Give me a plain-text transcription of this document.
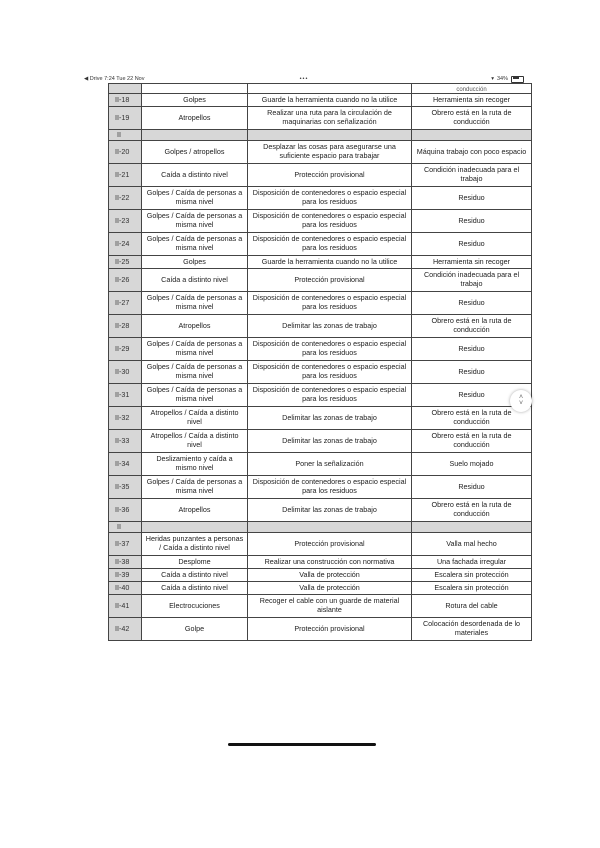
◀ Drive 7:24 Tue 22 Nov	•••	▾ 34%
			conducción
II-18	Golpes	Guarde la herramienta cuando no la utilice	Herramienta sin recoger
II-19	Atropellos	Realizar una ruta para la circulación de maquinarias con señalización	Obrero está en la ruta de conducción
II			
II-20	Golpes / atropellos	Desplazar las cosas para asegurarse una suficiente espacio para trabajar	Máquina trabajo con poco espacio
II-21	Caída a distinto nivel	Protección provisional	Condición inadecuada para el trabajo
II-22	Golpes / Caída de personas a misma nivel	Disposición de contenedores o espacio especial para los residuos	Residuo
II-23	Golpes / Caída de personas a misma nivel	Disposición de contenedores o espacio especial para los residuos	Residuo
II-24	Golpes / Caída de personas a misma nivel	Disposición de contenedores o espacio especial para los residuos	Residuo
II-25	Golpes	Guarde la herramienta cuando no la utilice	Herramienta sin recoger
II-26	Caída a distinto nivel	Protección provisional	Condición inadecuada para el trabajo
II-27	Golpes / Caída de personas a misma nivel	Disposición de contenedores o espacio especial para los residuos	Residuo
II-28	Atropellos	Delimitar las zonas de trabajo	Obrero está en la ruta de conducción
II-29	Golpes / Caída de personas a misma nivel	Disposición de contenedores o espacio especial para los residuos	Residuo
II-30	Golpes / Caída de personas a misma nivel	Disposición de contenedores o espacio especial para los residuos	Residuo
II-31	Golpes / Caída de personas a misma nivel	Disposición de contenedores o espacio especial para los residuos	Residuo
II-32	Atropellos / Caída a distinto nivel	Delimitar las zonas de trabajo	Obrero está en la ruta de conducción
II-33	Atropellos / Caída a distinto nivel	Delimitar las zonas de trabajo	Obrero está en la ruta de conducción
II-34	Deslizamiento y caída a mismo nivel	Poner la señalización	Suelo mojado
II-35	Golpes / Caída de personas a misma nivel	Disposición de contenedores o espacio especial para los residuos	Residuo
II-36	Atropellos	Delimitar las zonas de trabajo	Obrero está en la ruta de conducción
II			
II-37	Heridas punzantes a personas / Caída a distinto nivel	Protección provisional	Valla mal hecho
II-38	Desplome	Realizar una construcción con normativa	Una fachada irregular
II-39	Caída a distinto nivel	Valla de protección	Escalera sin protección
II-40	Caída a distinto nivel	Valla de protección	Escalera sin protección
II-41	Electrocuciones	Recoger el cable con un guarde de material aislante	Rotura del cable
II-42	Golpe	Protección provisional	Colocación desordenada de lo materiales
˄
˅
